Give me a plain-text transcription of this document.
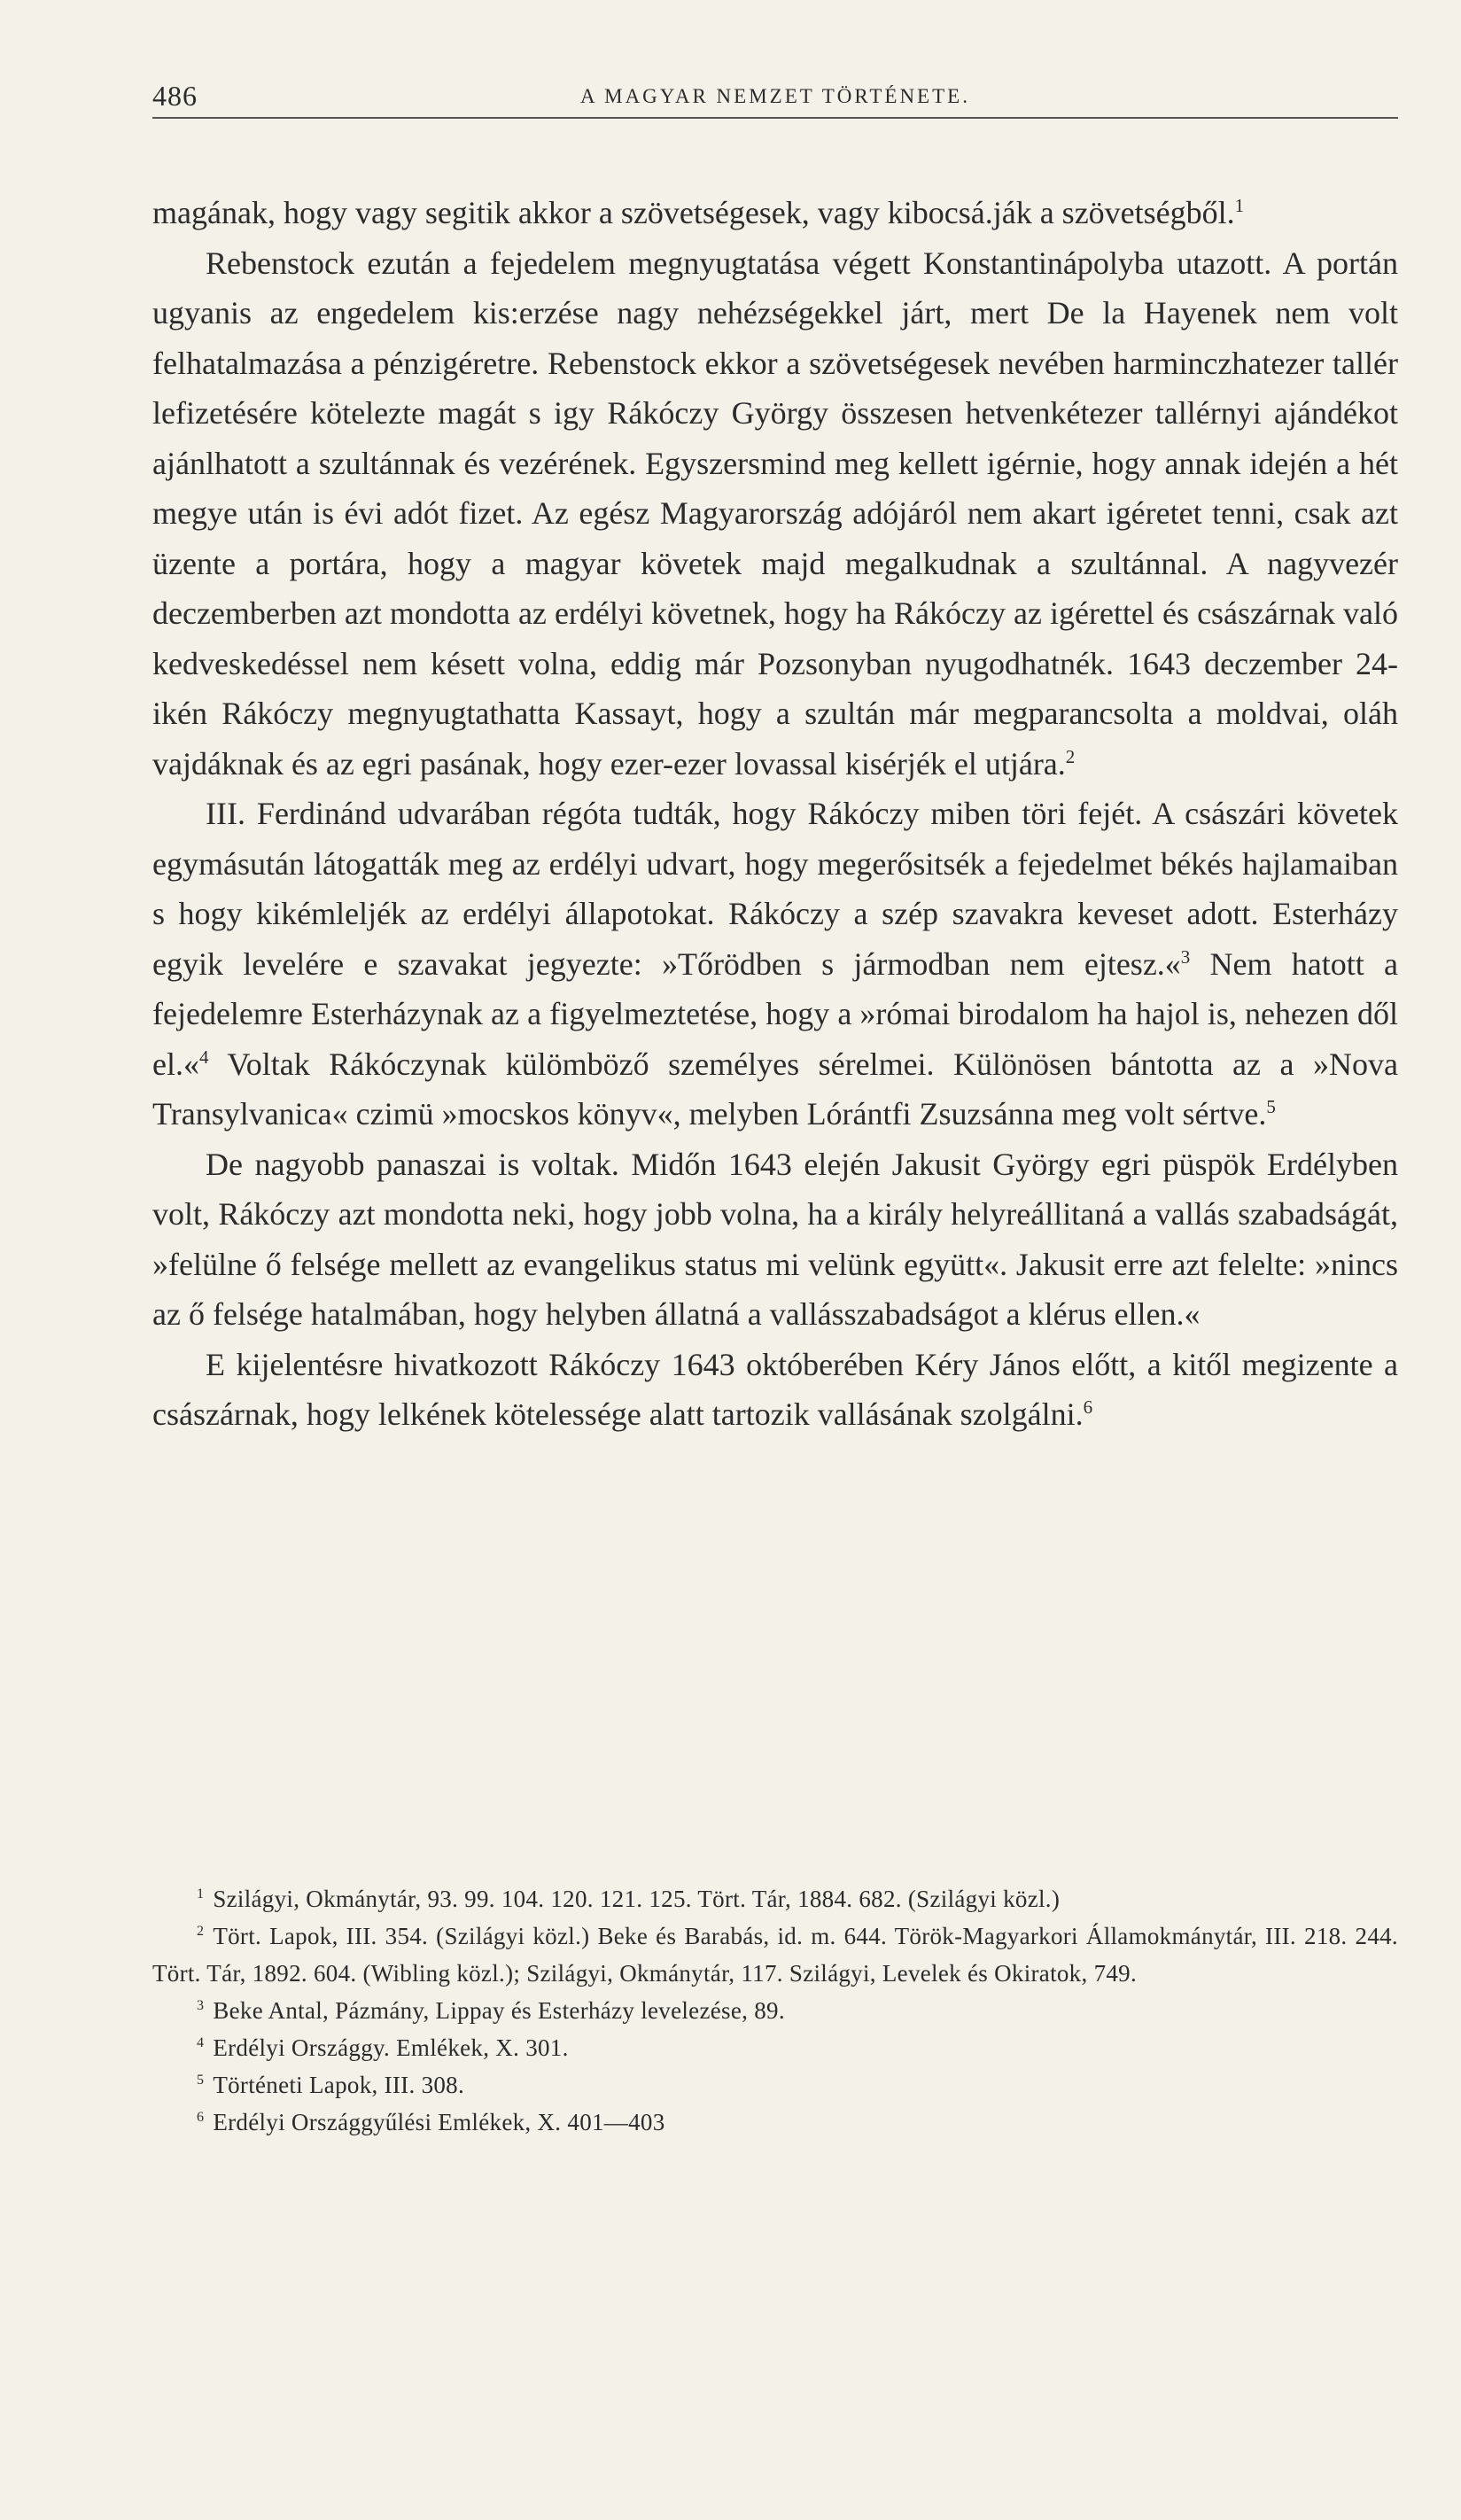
486	A MAGYAR NEMZET TÖRTÉNETE.

magának, hogy vagy segitik akkor a szövetségesek, vagy kibocsá.ják a szövetségből.$^1$

Rebenstock ezután a fejedelem megnyugtatása végett Konstantinápolyba utazott. A portán ugyanis az engedelem kis:erzése nagy nehézségekkel járt, mert De la Hayenek nem volt felhatalmazása a pénzigéretre. Rebenstock ekkor a szövetségesek nevében harminczhatezer tallér lefizetésére kötelezte magát s igy Rákóczy György összesen hetvenkétezer tallérnyi ajándékot ajánlhatott a szultánnak és vezérének. Egyszersmind meg kellett igérnie, hogy annak idején a hét megye után is évi adót fizet. Az egész Magyarország adójáról nem akart igéretet tenni, csak azt üzente a portára, hogy a magyar követek majd megalkudnak a szultánnal. A nagyvezér deczemberben azt mondotta az erdélyi követnek, hogy ha Rákóczy az igérettel és császárnak való kedveskedéssel nem késett volna, eddig már Pozsonyban nyugodhatnék. 1643 deczember 24-ikén Rákóczy megnyugtathatta Kassayt, hogy a szultán már megparancsolta a moldvai, oláh vajdáknak és az egri pasának, hogy ezer-ezer lovassal kisérjék el utjára.$^2$

III. Ferdinánd udvarában régóta tudták, hogy Rákóczy miben töri fejét. A császári követek egymásután látogatták meg az erdélyi udvart, hogy megerősitsék a fejedelmet békés hajlamaiban s hogy kikémleljék az erdélyi állapotokat. Rákóczy a szép szavakra keveset adott. Esterházy egyik levelére e szavakat jegyezte: »Tőrödben s jármodban nem ejtesz.«$^3$ Nem hatott a fejedelemre Esterházynak az a figyelmeztetése, hogy a »római birodalom ha hajol is, nehezen dől el.«$^4$ Voltak Rákóczynak külömböző személyes sérelmei. Különösen bántotta az a »Nova Transylvanica« czimü »mocskos könyv«, melyben Lórántfi Zsuzsánna meg volt sértve.$^5$

De nagyobb panaszai is voltak. Midőn 1643 elején Jakusit György egri püspök Erdélyben volt, Rákóczy azt mondotta neki, hogy jobb volna, ha a király helyreállitaná a vallás szabadságát, »felülne ő felsége mellett az evangelikus status mi velünk együtt«. Jakusit erre azt felelte: »nincs az ő felsége hatalmában, hogy helyben állatná a vallásszabadságot a klérus ellen.«

E kijelentésre hivatkozott Rákóczy 1643 októberében Kéry János előtt, a kitől megizente a császárnak, hogy lelkének kötelessége alatt tartozik vallásának szolgálni.$^6$

$^1$ Szilágyi, Okmánytár, 93. 99. 104. 120. 121. 125. Tört. Tár, 1884. 682. (Szilágyi közl.)

$^2$ Tört. Lapok, III. 354. (Szilágyi közl.) Beke és Barabás, id. m. 644. Török-Magyarkori Államokmánytár, III. 218. 244. Tört. Tár, 1892. 604. (Wibling közl.); Szilágyi, Okmánytár, 117. Szilágyi, Levelek és Okiratok, 749.

$^3$ Beke Antal, Pázmány, Lippay és Esterházy levelezése, 89.

$^4$ Erdélyi Országgy. Emlékek, X. 301.

$^5$ Történeti Lapok, III. 308.

$^6$ Erdélyi Országgyűlési Emlékek, X. 401—403
